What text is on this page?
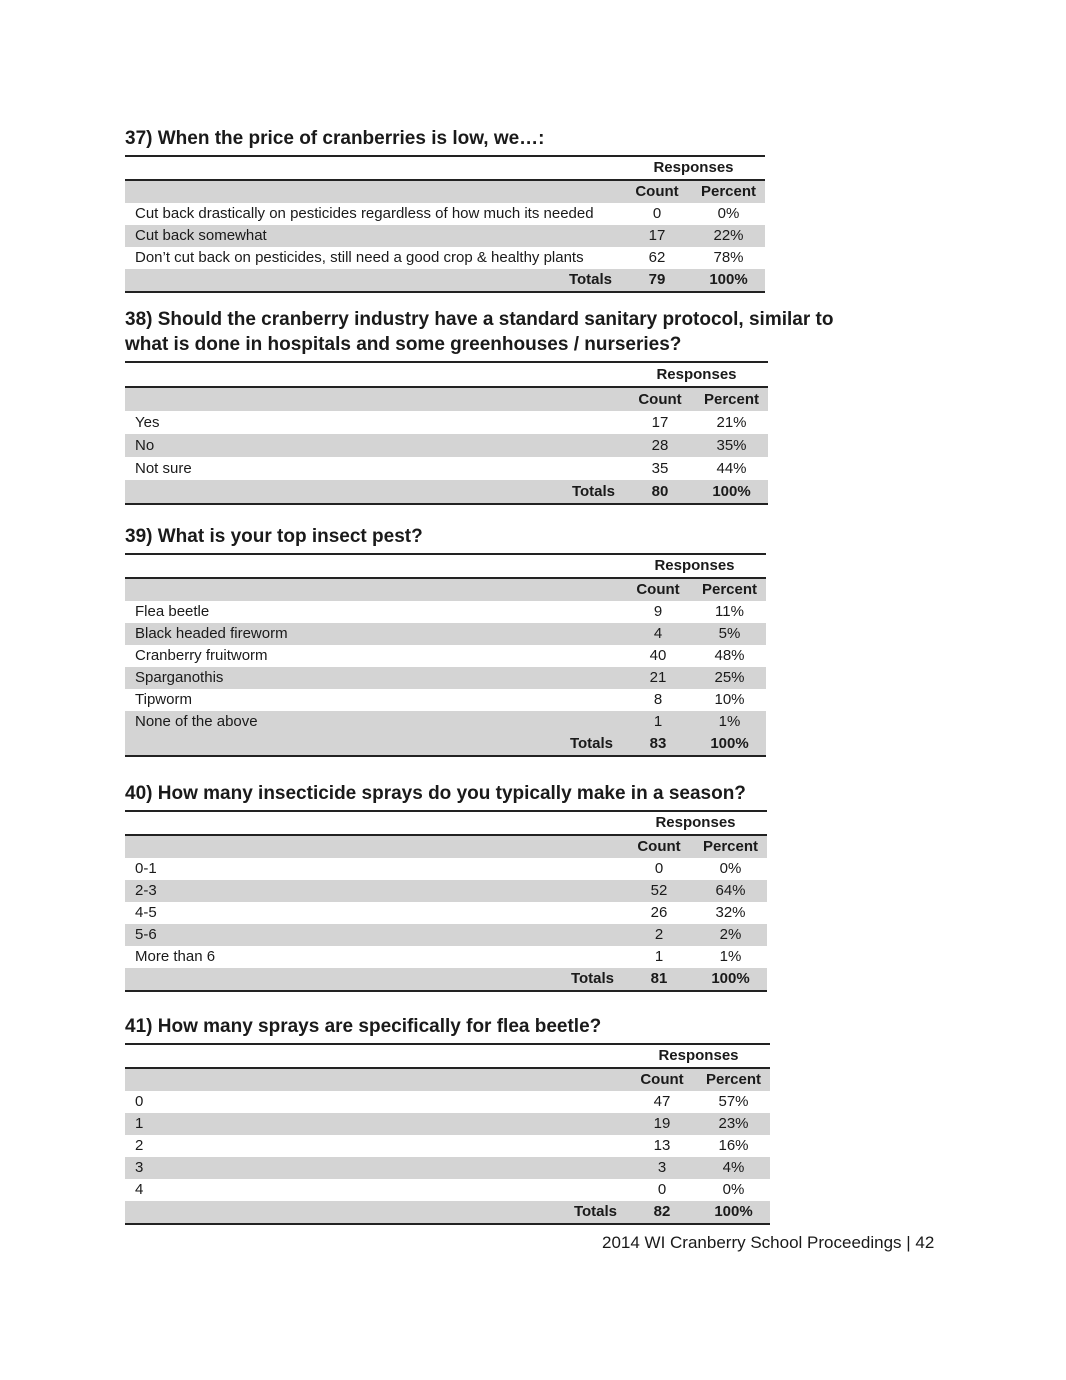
37) When the price of cranberries is low, we…:
	Responses	
	Count	Percent
Cut back drastically on pesticides regardless of how much its needed	0	0%
Cut back somewhat	17	22%
Don’t cut back on pesticides, still need a good crop & healthy plants	62	78%
Totals	79	100%
38) Should the cranberry industry have a standard sanitary protocol, similar to what is done in hospitals and some greenhouses / nurseries?
	Responses	
	Count	Percent
Yes	17	21%
No	28	35%
Not sure	35	44%
Totals	80	100%
39) What is your top insect pest?
	Responses	
	Count	Percent
Flea beetle	9	11%
Black headed fireworm	4	5%
Cranberry fruitworm	40	48%
Sparganothis	21	25%
Tipworm	8	10%
None of the above	1	1%
Totals	83	100%
40) How many insecticide sprays do you typically make in a season?
	Responses	
	Count	Percent
0-1	0	0%
2-3	52	64%
4-5	26	32%
5-6	2	2%
More than 6	1	1%
Totals	81	100%
41) How many sprays are specifically for flea beetle?
	Responses	
	Count	Percent
0	47	57%
1	19	23%
2	13	16%
3	3	4%
4	0	0%
Totals	82	100%
2014 WI Cranberry School Proceedings | 42
